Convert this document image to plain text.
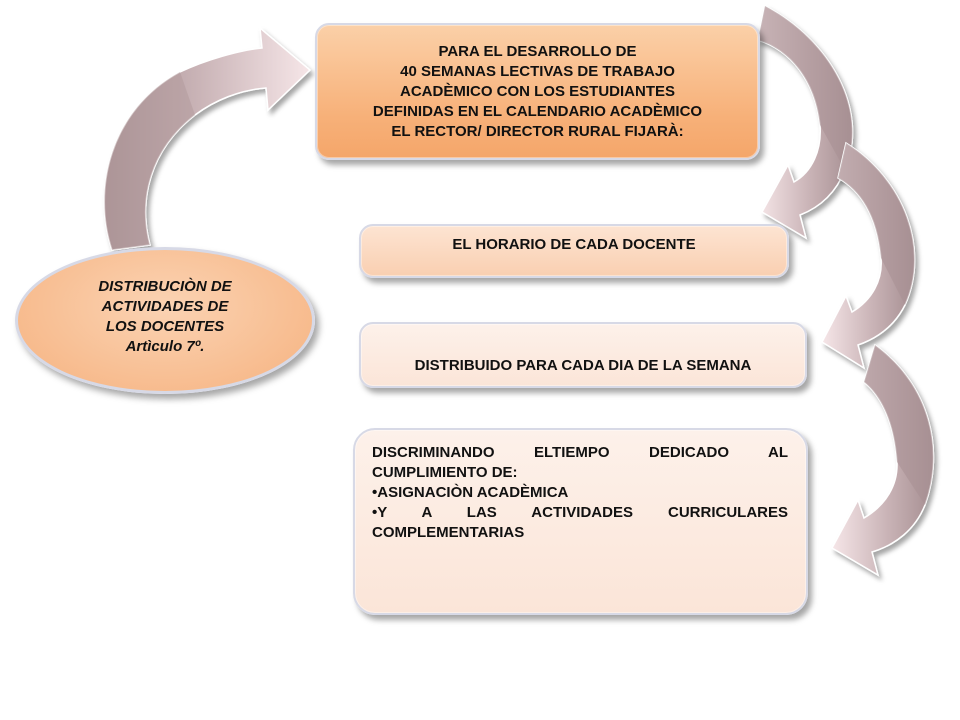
PARA EL DESARROLLO DE
40 SEMANAS LECTIVAS DE TRABAJO
ACADÈMICO CON LOS ESTUDIANTES
DEFINIDAS EN EL CALENDARIO ACADÈMICO
EL RECTOR/ DIRECTOR RURAL FIJARÀ:
EL HORARIO DE CADA DOCENTE
DISTRIBUIDO PARA CADA DIA DE LA SEMANA
DISCRIMINANDO ELTIEMPO DEDICADO AL
CUMPLIMIENTO DE:
•ASIGNACIÒN ACADÈMICA
•Y A LAS ACTIVIDADES CURRICULARES
COMPLEMENTARIAS
DISTRIBUCIÒN DE
ACTIVIDADES DE
LOS DOCENTES
Artìculo 7º.
